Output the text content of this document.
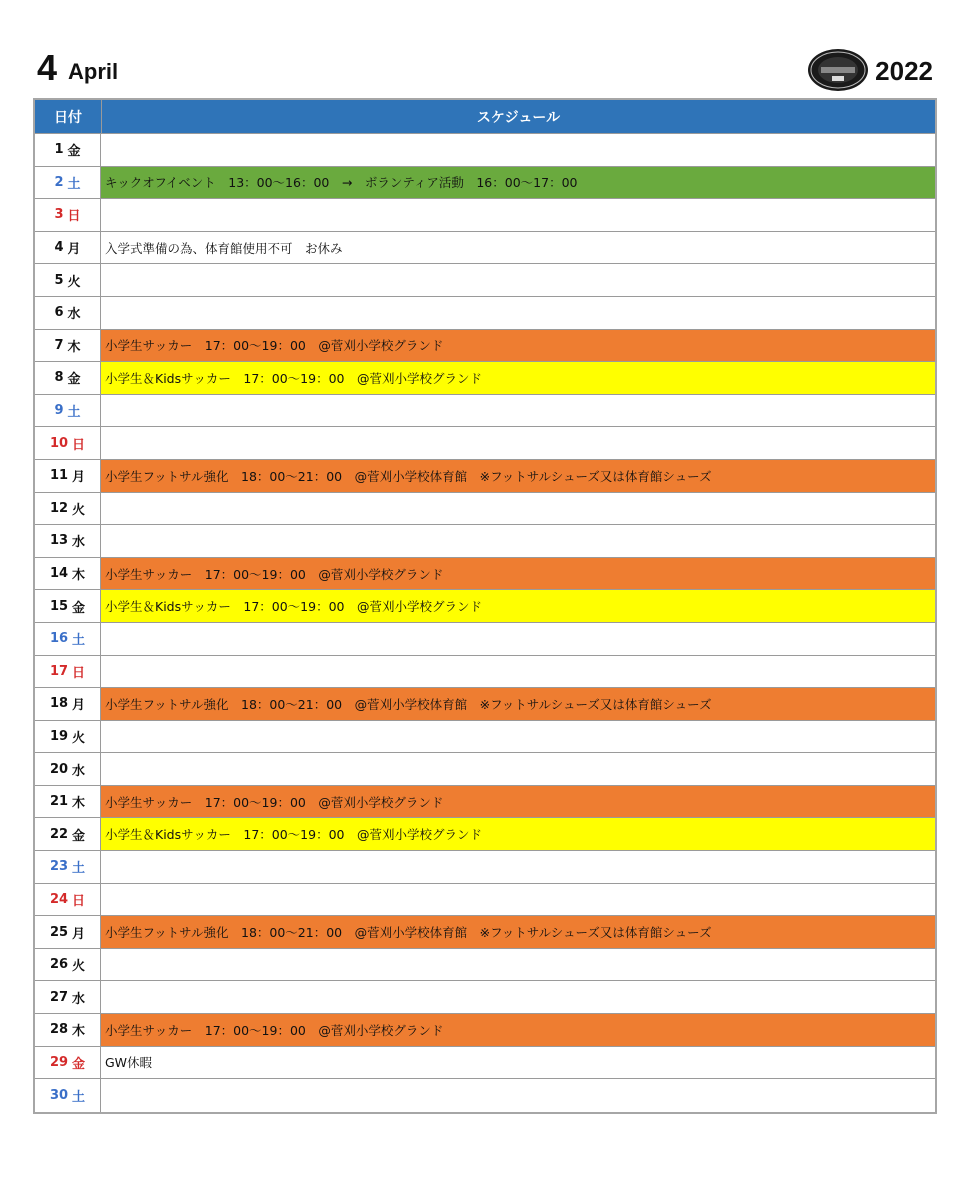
4 April	2022
日付	スケジュール
1 金
2 土	キックオフイベント　13：00〜16：00　→　ボランティア活動　16：00〜17：00
3 日
4 月	入学式準備の為、体育館使用不可　お休み
5 火
6 水
7 木	小学生サッカー　17：00〜19：00　@菅刈小学校グランド
8 金	小学生＆Kidsサッカー　17：00〜19：00　@菅刈小学校グランド
9 土
10 日
11 月	小学生フットサル強化　18：00〜21：00　@菅刈小学校体育館　※フットサルシューズ又は体育館シューズ
12 火
13 水
14 木	小学生サッカー　17：00〜19：00　@菅刈小学校グランド
15 金	小学生＆Kidsサッカー　17：00〜19：00　@菅刈小学校グランド
16 土
17 日
18 月	小学生フットサル強化　18：00〜21：00　@菅刈小学校体育館　※フットサルシューズ又は体育館シューズ
19 火
20 水
21 木	小学生サッカー　17：00〜19：00　@菅刈小学校グランド
22 金	小学生＆Kidsサッカー　17：00〜19：00　@菅刈小学校グランド
23 土
24 日
25 月	小学生フットサル強化　18：00〜21：00　@菅刈小学校体育館　※フットサルシューズ又は体育館シューズ
26 火
27 水
28 木	小学生サッカー　17：00〜19：00　@菅刈小学校グランド
29 金	GW休暇
30 土
